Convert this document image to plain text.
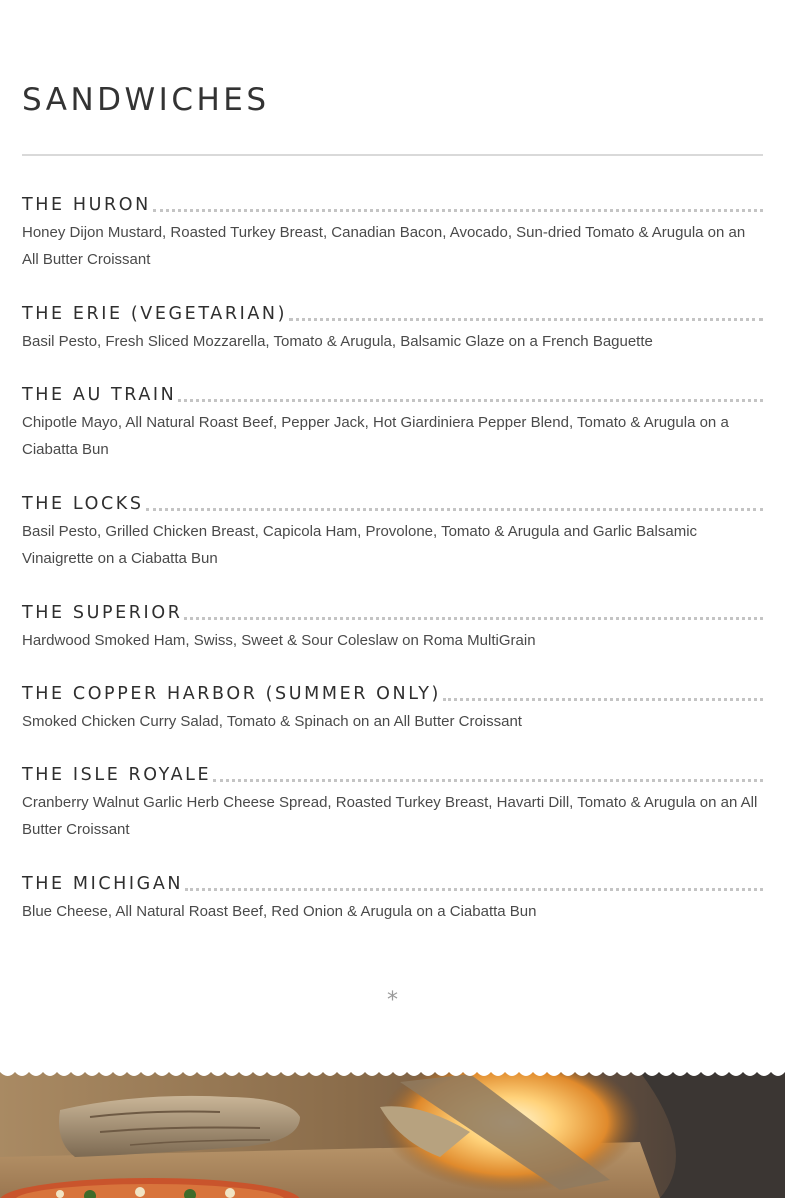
SANDWICHES
THE HURON

Honey Dijon Mustard, Roasted Turkey Breast, Canadian Bacon, Avocado, Sun-dried Tomato & Arugula on an All Butter Croissant

THE ERIE (VEGETARIAN)

Basil Pesto, Fresh Sliced Mozzarella, Tomato & Arugula, Balsamic Glaze on a French Baguette

THE AU TRAIN

Chipotle Mayo, All Natural Roast Beef, Pepper Jack, Hot Giardiniera Pepper Blend, Tomato & Arugula on a Ciabatta Bun

THE LOCKS

Basil Pesto, Grilled Chicken Breast, Capicola Ham, Provolone, Tomato & Arugula and Garlic Balsamic Vinaigrette on a Ciabatta Bun

THE SUPERIOR

Hardwood Smoked Ham, Swiss, Sweet & Sour Coleslaw on Roma MultiGrain

THE COPPER HARBOR (SUMMER ONLY)

Smoked Chicken Curry Salad, Tomato & Spinach on an All Butter Croissant

THE ISLE ROYALE

Cranberry Walnut Garlic Herb Cheese Spread, Roasted Turkey Breast, Havarti Dill, Tomato & Arugula on an All Butter Croissant

THE MICHIGAN

Blue Cheese, All Natural Roast Beef, Red Onion & Arugula on a Ciabatta Bun

*
